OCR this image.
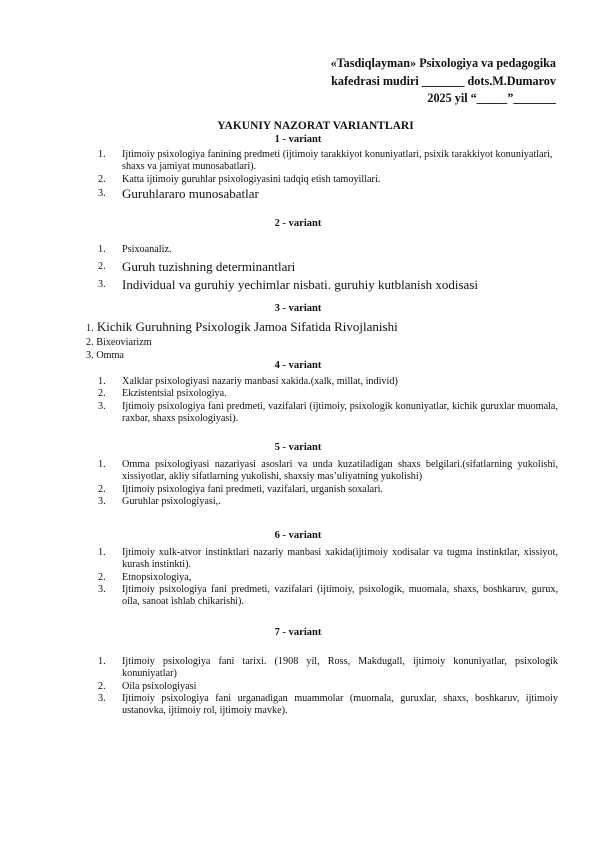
«Tasdiqlayman» Psixologiya va pedagogika
kafedrasi mudiri _______ dots.M.Dumarov
2025 yil “_____”_______
YAKUNIY NAZORAT VARIANTLARI
1 - variant
1. Ijtimoiy psixologiya fanining predmeti (ijtimoiy tarakkiyot konuniyatlari, psixik tarakkiyot konuniyatlari, shaxs va jamiyat munosabatlari).
2. Katta ijtimoiy guruhlar psixologiyasini tadqiq etish tamoyillari.
3. Guruhlararo munosabatlar
2 - variant
1. Psixoanaliz.
2. Guruh tuzishning determinantlari
3. Individual va guruhiy yechimlar nisbati. guruhiy kutblanish xodisasi
3 - variant
1. Kichik Guruhning Psixologik Jamoa Sifatida Rivojlanishi
2. Bixeoviarizm
3. Omma
4 - variant
1. Xalklar psixologiyasi nazariy manbasi xakida.(xalk, millat, individ)
2. Ekzistentsial psixologiya.
3. Ijtimoiy psixologiya fani predmeti, vazifalari (ijtimoiy, psixologik konuniyatlar, kichik guruxlar muomala, raxbar, shaxs psixologiyasi).
5 - variant
1. Omma psixologiyasi nazariyasi asoslari va unda kuzatiladigan shaxs belgilari.(sifatlarning yukolishi, xissiyotlar, akliy sifatlarning yukolishi, shaxsiy mas’uliyatning yukolishi)
2. Ijtimoiy psixologiya fani predmeti, vazifalari, urganish soxalari.
3. Guruhlar psixologiyasi,.
6 - variant
1. Ijtimoiy xulk-atvor instinktlari nazariy manbasi xakida(ijtimoiy xodisalar va tugma instinktlar, xissiyot, kurash instinkti).
2. Etnopsixologiya,
3. Ijtimoiy psixologiya fani predmeti, vazifalari (ijtimoiy, psixologik, muomala, shaxs, boshkaruv, gurux, oila, sanoat ishlab chikarishi).
7 - variant
1. Ijtimoiy psixologiya fani tarixi. (1908 yil, Ross, Makdugall, ijtimoiy konuniyatlar, psixologik konuniyatlar)
2. Oila psixologiyasi
3. Ijtimoiy psixologiya fani urganadigan muammolar (muomala, guruxlar, shaxs, boshkaruv, ijtimoiy ustanovka, ijtimoiy rol, ijtimoiy mavke).
